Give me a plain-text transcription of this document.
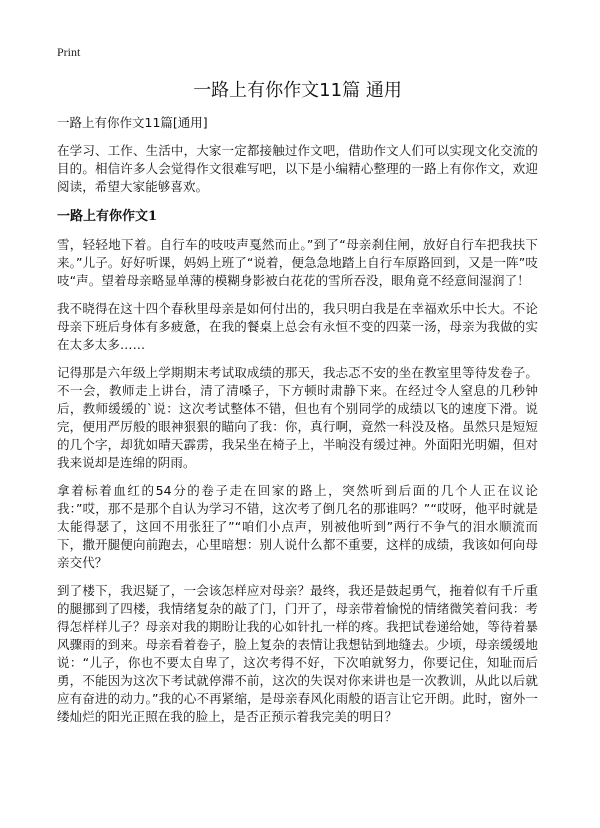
Print
一路上有你作文11篇 通用

一路上有你作文11篇[通用]

在学习、工作、生活中，大家一定都接触过作文吧，借助作文人们可以实现文化交流的目的。相信许多人会觉得作文很难写吧，以下是小编精心整理的一路上有你作文，欢迎阅读，希望大家能够喜欢。

一路上有你作文1

雪，轻轻地下着。自行车的吱吱声戛然而止。”到了“母亲刹住闸，放好自行车把我扶下来。”儿子。好好听课，妈妈上班了“说着，便急急地踏上自行车原路回到，又是一阵”吱吱“声。望着母亲略显单薄的模糊身影被白花花的雪所吞没，眼角竟不经意间湿润了！

我不晓得在这十四个春秋里母亲是如何付出的，我只明白我是在幸福欢乐中长大。不论母亲下班后身体有多疲惫，在我的餐桌上总会有永恒不变的四菜一汤，母亲为我做的实在太多太多……

记得那是六年级上学期期末考试取成绩的那天，我忐忑不安的坐在教室里等待发卷子。不一会，教师走上讲台，清了清嗓子，下方顿时肃静下来。在经过令人窒息的几秒钟后，教师缓缓的`说：这次考试整体不错，但也有个别同学的成绩以飞的速度下滑。说完，便用严厉般的眼神狠狠的瞄向了我：你，真行啊，竟然一科没及格。虽然只是短短的几个字，却犹如晴天霹雳，我呆坐在椅子上，半晌没有缓过神。外面阳光明媚，但对我来说却是连绵的阴雨。

拿着标着血红的54分的卷子走在回家的路上，突然听到后面的几个人正在议论我：”哎，那不是那个自认为学习不错，这次考了倒几名的那谁吗？”“哎呀，他平时就是太能得瑟了，这回不用张狂了”“咱们小点声，别被他听到”两行不争气的泪水顺流而下，撒开腿便向前跑去，心里暗想：别人说什么都不重要，这样的成绩，我该如何向母亲交代？

到了楼下，我迟疑了，一会该怎样应对母亲？最终，我还是鼓起勇气，拖着似有千斤重的腿挪到了四楼，我情绪复杂的敲了门，门开了，母亲带着愉悦的情绪微笑着问我：考得怎样样儿子？母亲对我的期盼让我的心如针扎一样的疼。我把试卷递给她，等待着暴风骤雨的到来。母亲看着卷子，脸上复杂的表情让我想钻到地缝去。少顷，母亲缓缓地说：“儿子，你也不要太自卑了，这次考得不好，下次咱就努力，你要记住，知耻而后勇，不能因为这次下考试就停滞不前，这次的失误对你来讲也是一次教训，从此以后就应有奋进的动力。”我的心不再紧缩，是母亲春风化雨般的语言让它开朗。此时，窗外一缕灿烂的阳光正照在我的脸上，是否正预示着我完美的明日？
